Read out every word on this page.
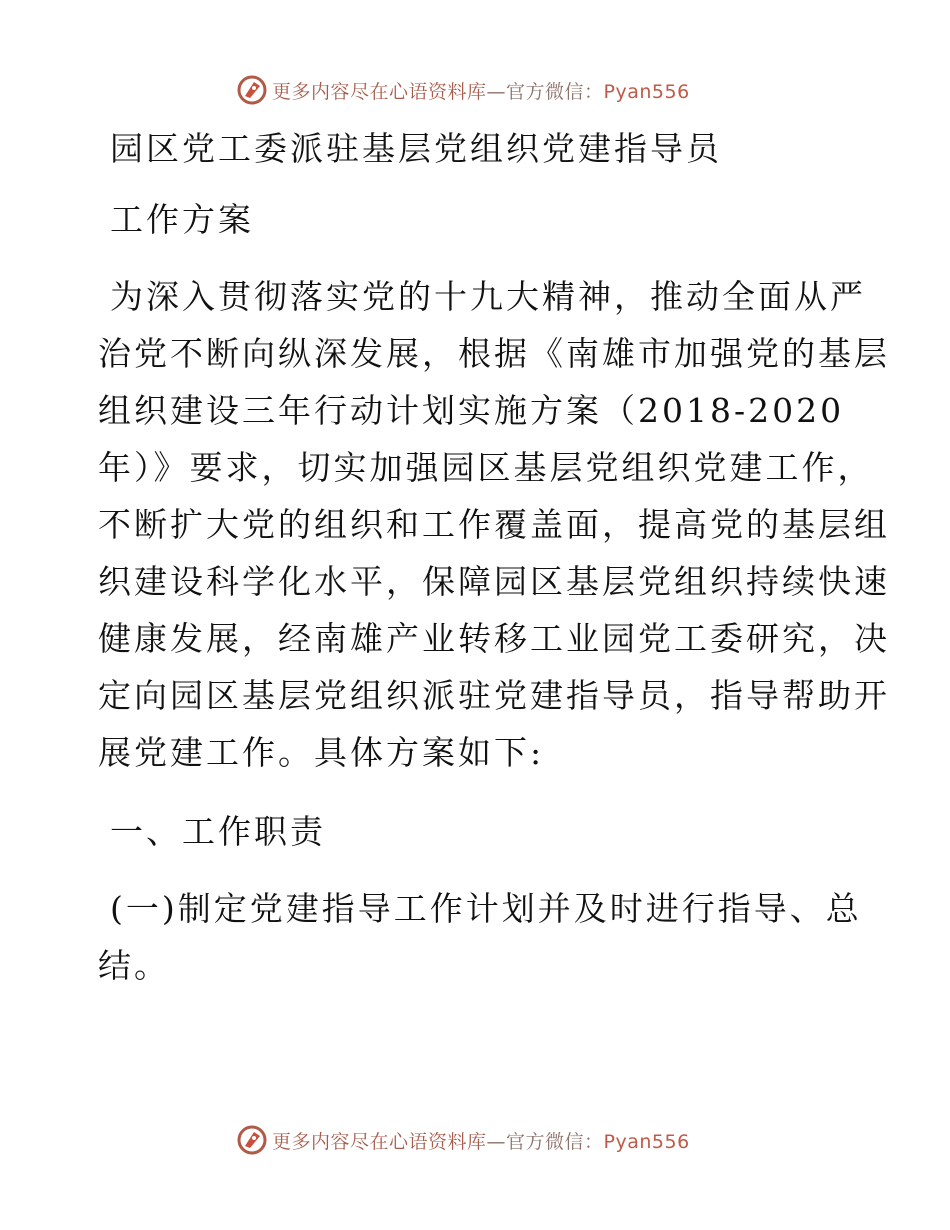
更多内容尽在心语资料库—官方微信：Pyan556
园区党工委派驻基层党组织党建指导员
工作方案
为深入贯彻落实党的十九大精神，推动全面从严
治党不断向纵深发展，根据《南雄市加强党的基层
组织建设三年行动计划实施方案（2018-2020
年）》要求，切实加强园区基层党组织党建工作，
不断扩大党的组织和工作覆盖面，提高党的基层组
织建设科学化水平，保障园区基层党组织持续快速
健康发展，经南雄产业转移工业园党工委研究，决
定向园区基层党组织派驻党建指导员，指导帮助开
展党建工作。具体方案如下:
一、工作职责
(一)制定党建指导工作计划并及时进行指导、总
结。
更多内容尽在心语资料库—官方微信：Pyan556
